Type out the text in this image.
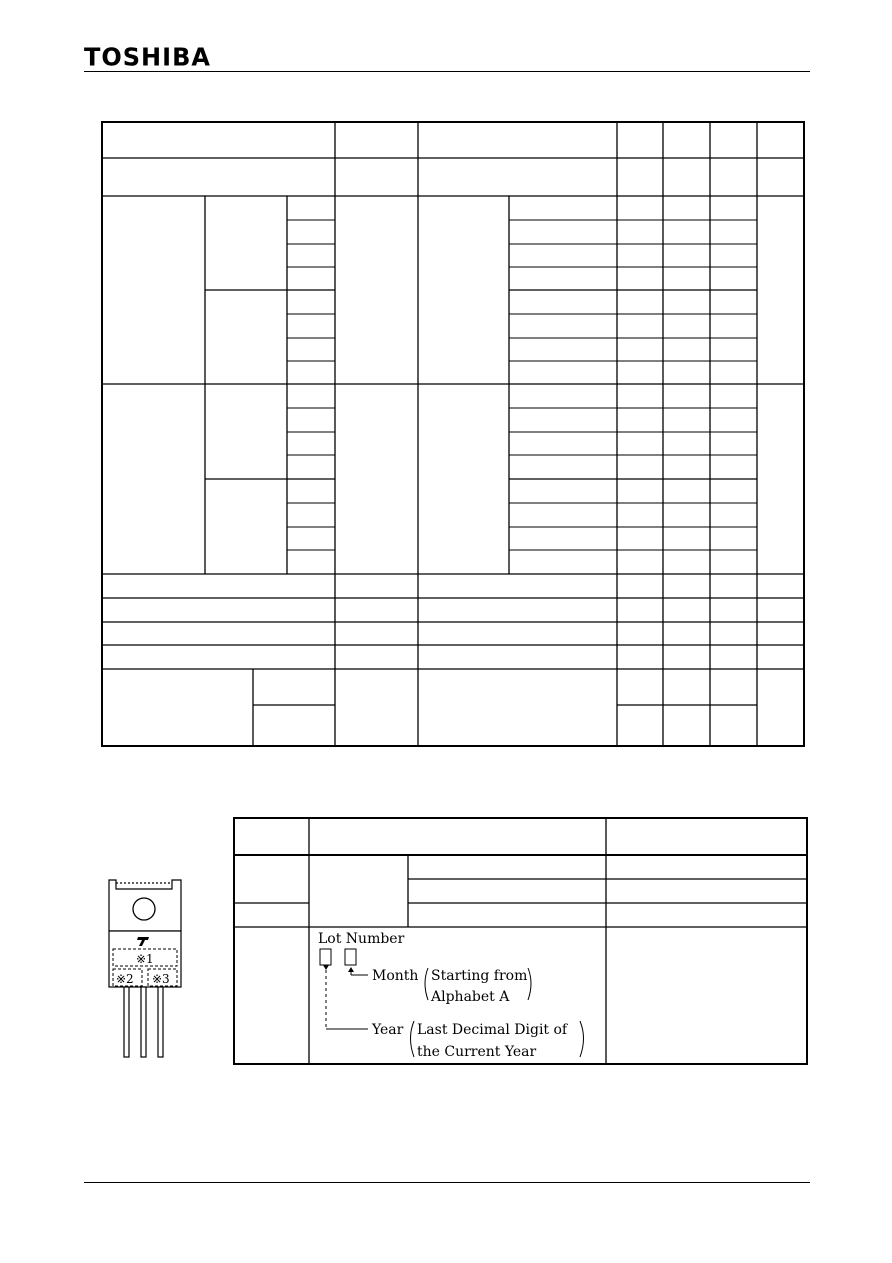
TOSHIBA
Lot Number
Month Starting from
Alphabet A
Year Last Decimal Digit of
the Current Year
※1
※2 ※3
